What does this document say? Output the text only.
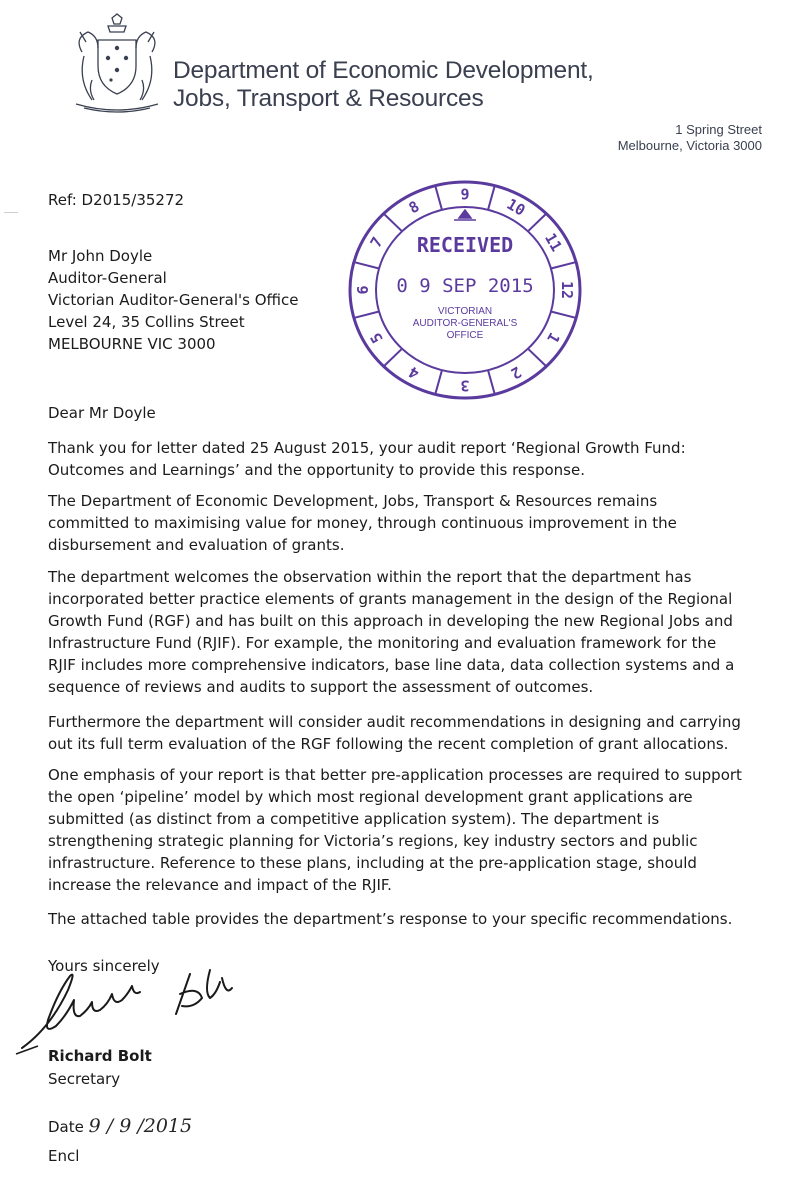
Department of Economic Development,

Jobs, Transport & Resources

1 Spring Street

Melbourne, Victoria 3000

Ref: D2015/35272

Mr John Doyle
Auditor-General
Victorian Auditor-General's Office
Level 24, 35 Collins Street
MELBOURNE VIC 3000
8
9
10
11
12
1
2
3
4
5
6
7 RECEIVED
0 9 SEP 2015
VICTORIAN
AUDITOR-GENERAL'S
OFFICE

Dear Mr Doyle

Thank you for letter dated 25 August 2015, your audit report ‘Regional Growth Fund:
Outcomes and Learnings’ and the opportunity to provide this response.
The Department of Economic Development, Jobs, Transport & Resources remains
committed to maximising value for money, through continuous improvement in the
disbursement and evaluation of grants.
The department welcomes the observation within the report that the department has
incorporated better practice elements of grants management in the design of the Regional
Growth Fund (RGF) and has built on this approach in developing the new Regional Jobs and
Infrastructure Fund (RJIF). For example, the monitoring and evaluation framework for the
RJIF includes more comprehensive indicators, base line data, data collection systems and a
sequence of reviews and audits to support the assessment of outcomes.
Furthermore the department will consider audit recommendations in designing and carrying
out its full term evaluation of the RGF following the recent completion of grant allocations.
One emphasis of your report is that better pre-application processes are required to support
the open ‘pipeline’ model by which most regional development grant applications are
submitted (as distinct from a competitive application system). The department is
strengthening strategic planning for Victoria’s regions, key industry sectors and public
infrastructure. Reference to these plans, including at the pre-application stage, should
increase the relevance and impact of the RJIF.
The attached table provides the department’s response to your specific recommendations.

Yours sincerely

Richard Bolt

Secretary

Date 9 / 9 /2015

Encl
